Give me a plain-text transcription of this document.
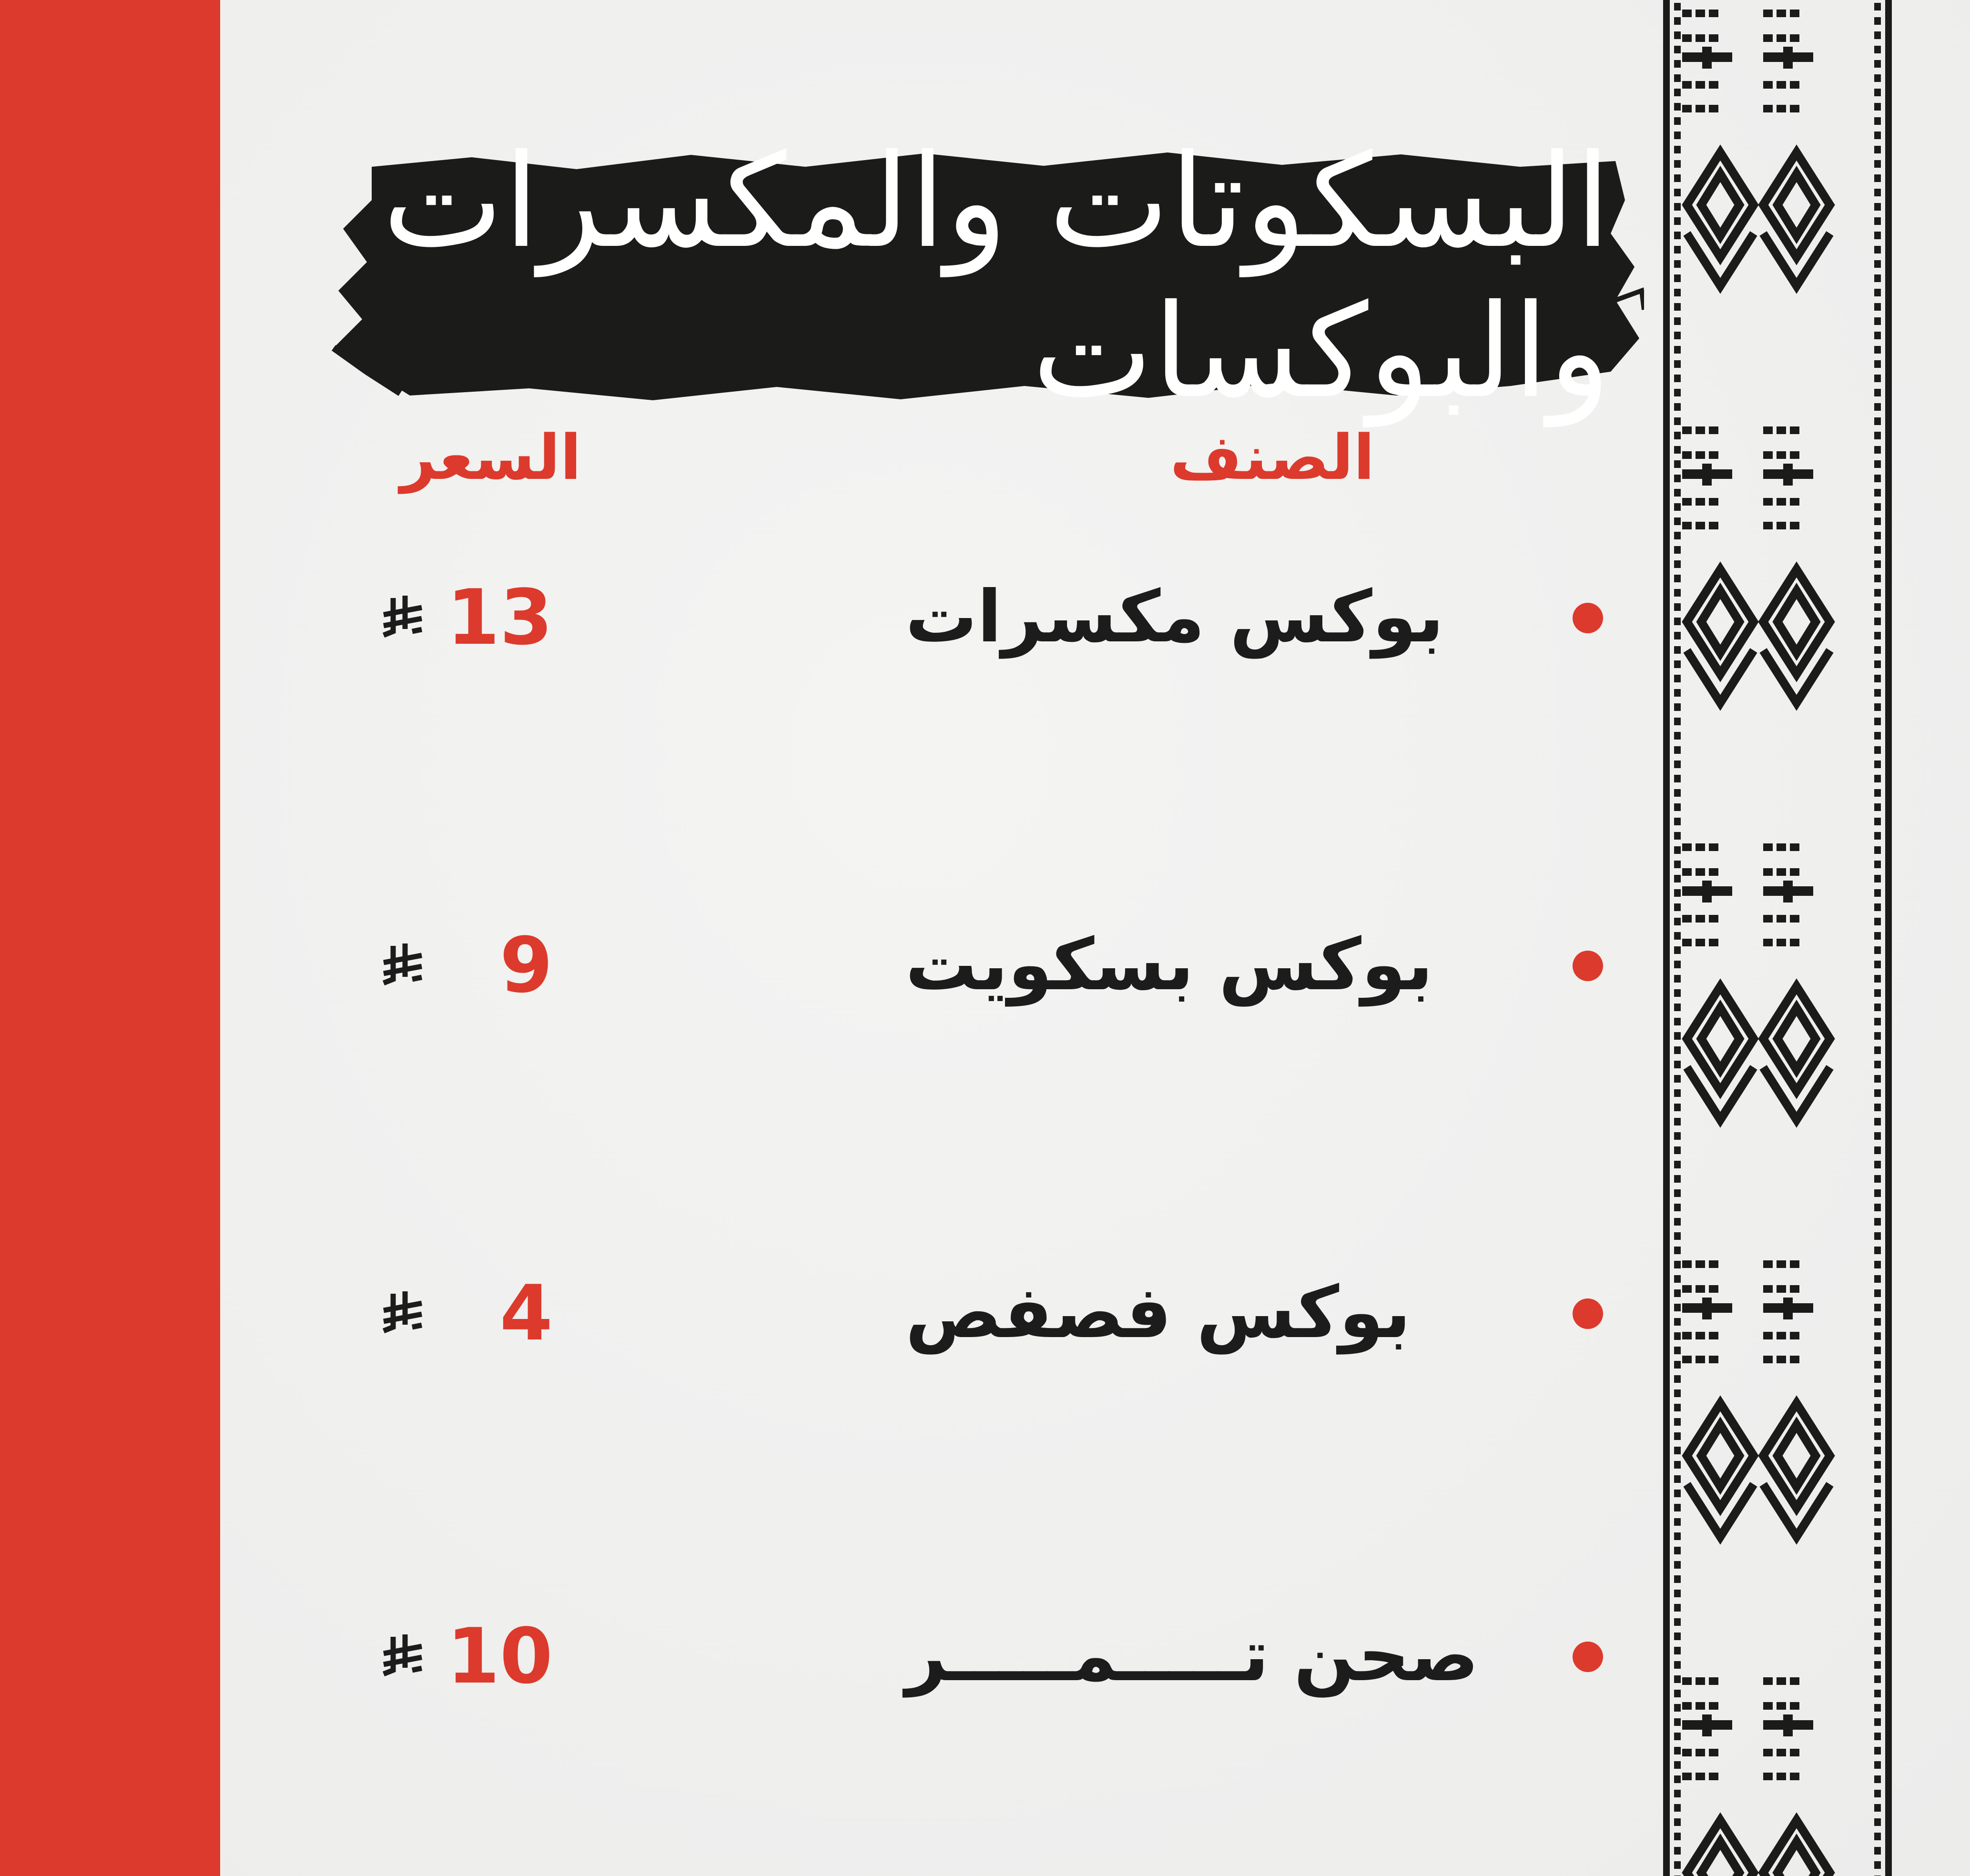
البسكوتات والمكسرات والبوكسات
الصنف
السعر
بوكس مكسرات
13
بوكس بسكويت
9
بوكس فصفص
4
صحن تـــــمـــــر
10
